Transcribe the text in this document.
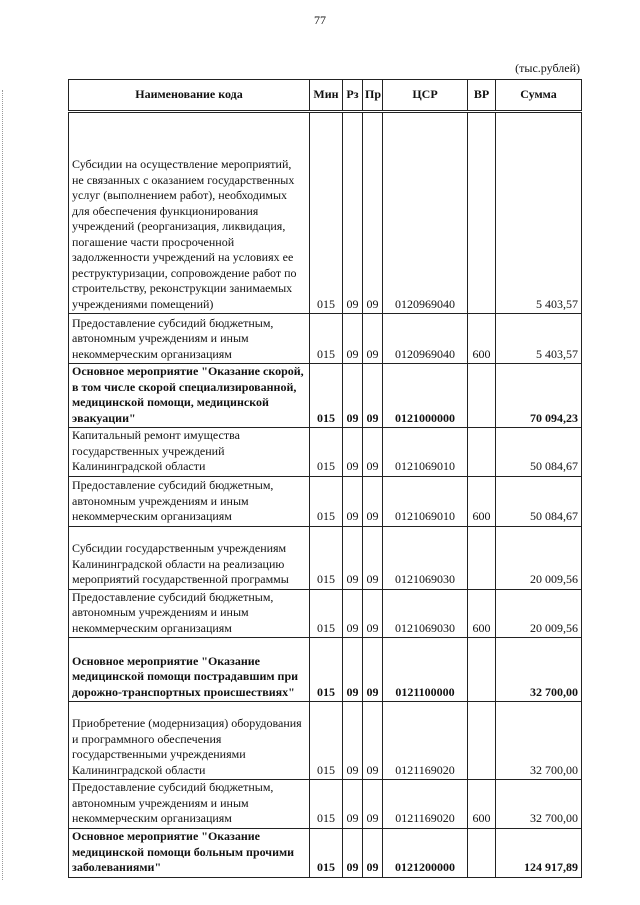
77
(тыс.рублей)
Наименование кода	Мин	Рз	Пр	ЦСР	ВР	Сумма
Субсидии на осуществление мероприятий, не связанных с оказанием государственных услуг (выполнением работ), необходимых для обеспечения функционирования учреждений (реорганизация, ликвидация, погашение части просроченной задолженности учреждений на условиях ее реструктуризации, сопровождение работ по строительству, реконструкции занимаемых учреждениями помещений)	015	09	09	0120969040		5 403,57
Предоставление субсидий бюджетным, автономным учреждениям и иным некоммерческим организациям	015	09	09	0120969040	600	5 403,57
Основное мероприятие "Оказание скорой, в том числе скорой специализированной, медицинской помощи, медицинской эвакуации"	015	09	09	0121000000		70 094,23
Капитальный ремонт имущества государственных учреждений Калининградской области	015	09	09	0121069010		50 084,67
Предоставление субсидий бюджетным, автономным учреждениям и иным некоммерческим организациям	015	09	09	0121069010	600	50 084,67
Субсидии государственным учреждениям Калининградской области на реализацию мероприятий государственной программы	015	09	09	0121069030		20 009,56
Предоставление субсидий бюджетным, автономным учреждениям и иным некоммерческим организациям	015	09	09	0121069030	600	20 009,56
Основное мероприятие "Оказание медицинской помощи пострадавшим при дорожно-транспортных происшествиях"	015	09	09	0121100000		32 700,00
Приобретение (модернизация) оборудования и программного обеспечения государственными учреждениями Калининградской области	015	09	09	0121169020		32 700,00
Предоставление субсидий бюджетным, автономным учреждениям и иным некоммерческим организациям	015	09	09	0121169020	600	32 700,00
Основное мероприятие "Оказание медицинской помощи больным прочими заболеваниями"	015	09	09	0121200000		124 917,89
